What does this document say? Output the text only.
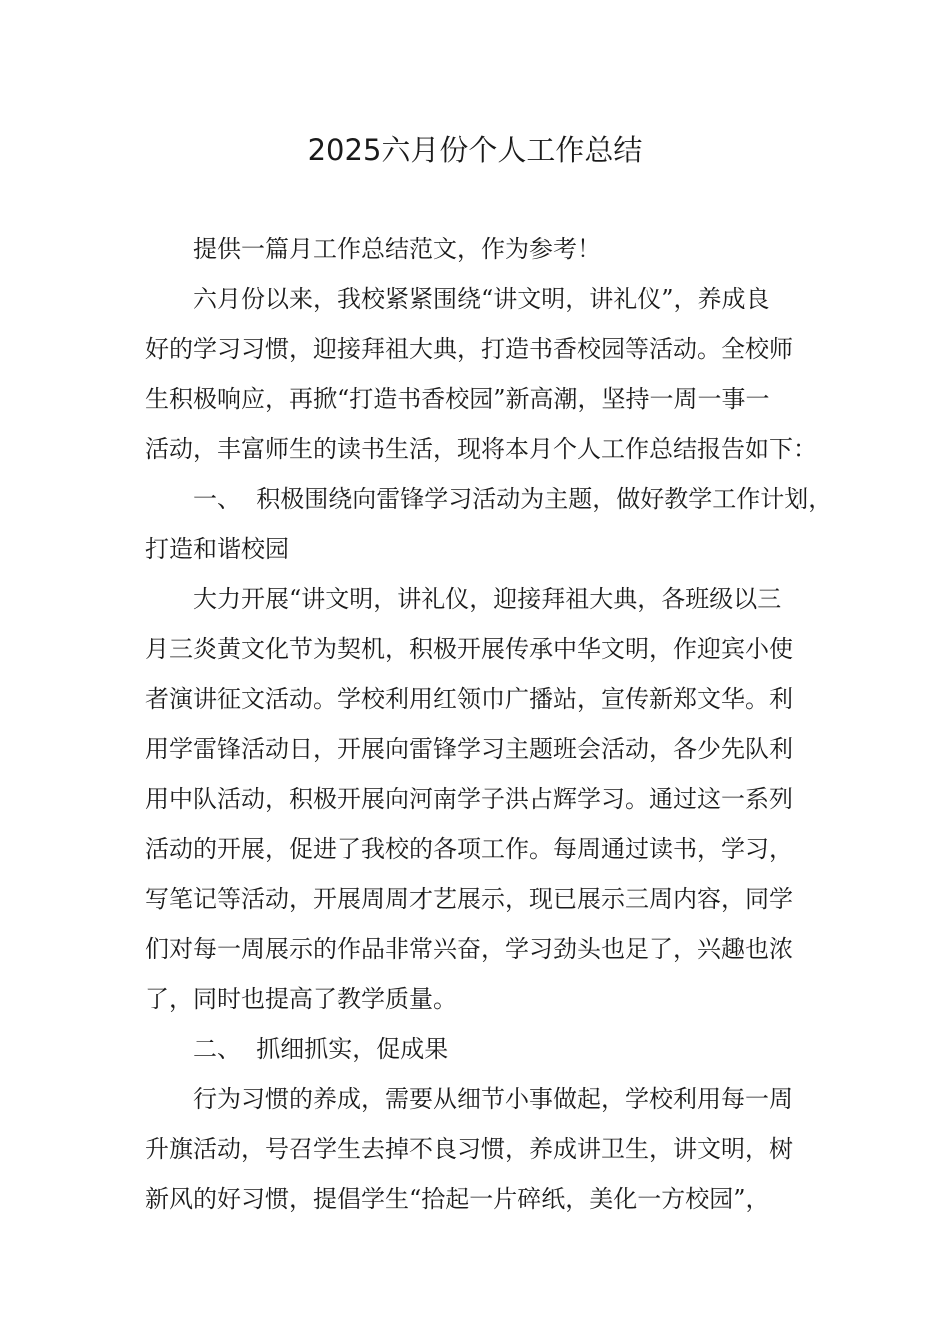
2025六月份个人工作总结

提供一篇月工作总结范文，作为参考！

六月份以来，我校紧紧围绕“讲文明，讲礼仪”，养成良

好的学习习惯，迎接拜祖大典，打造书香校园等活动。全校师

生积极响应，再掀“打造书香校园”新高潮，坚持一周一事一

活动，丰富师生的读书生活，现将本月个人工作总结报告如下：

一、  积极围绕向雷锋学习活动为主题，做好教学工作计划，

打造和谐校园

大力开展“讲文明，讲礼仪，迎接拜祖大典，各班级以三

月三炎黄文化节为契机，积极开展传承中华文明，作迎宾小使

者演讲征文活动。学校利用红领巾广播站，宣传新郑文华。利

用学雷锋活动日，开展向雷锋学习主题班会活动，各少先队利

用中队活动，积极开展向河南学子洪占辉学习。通过这一系列

活动的开展，促进了我校的各项工作。每周通过读书，学习，

写笔记等活动，开展周周才艺展示，现已展示三周内容，同学

们对每一周展示的作品非常兴奋，学习劲头也足了，兴趣也浓

了，同时也提高了教学质量。

二、  抓细抓实，促成果

行为习惯的养成，需要从细节小事做起，学校利用每一周

升旗活动，号召学生去掉不良习惯，养成讲卫生，讲文明，树

新风的好习惯，提倡学生“拾起一片碎纸，美化一方校园”，
